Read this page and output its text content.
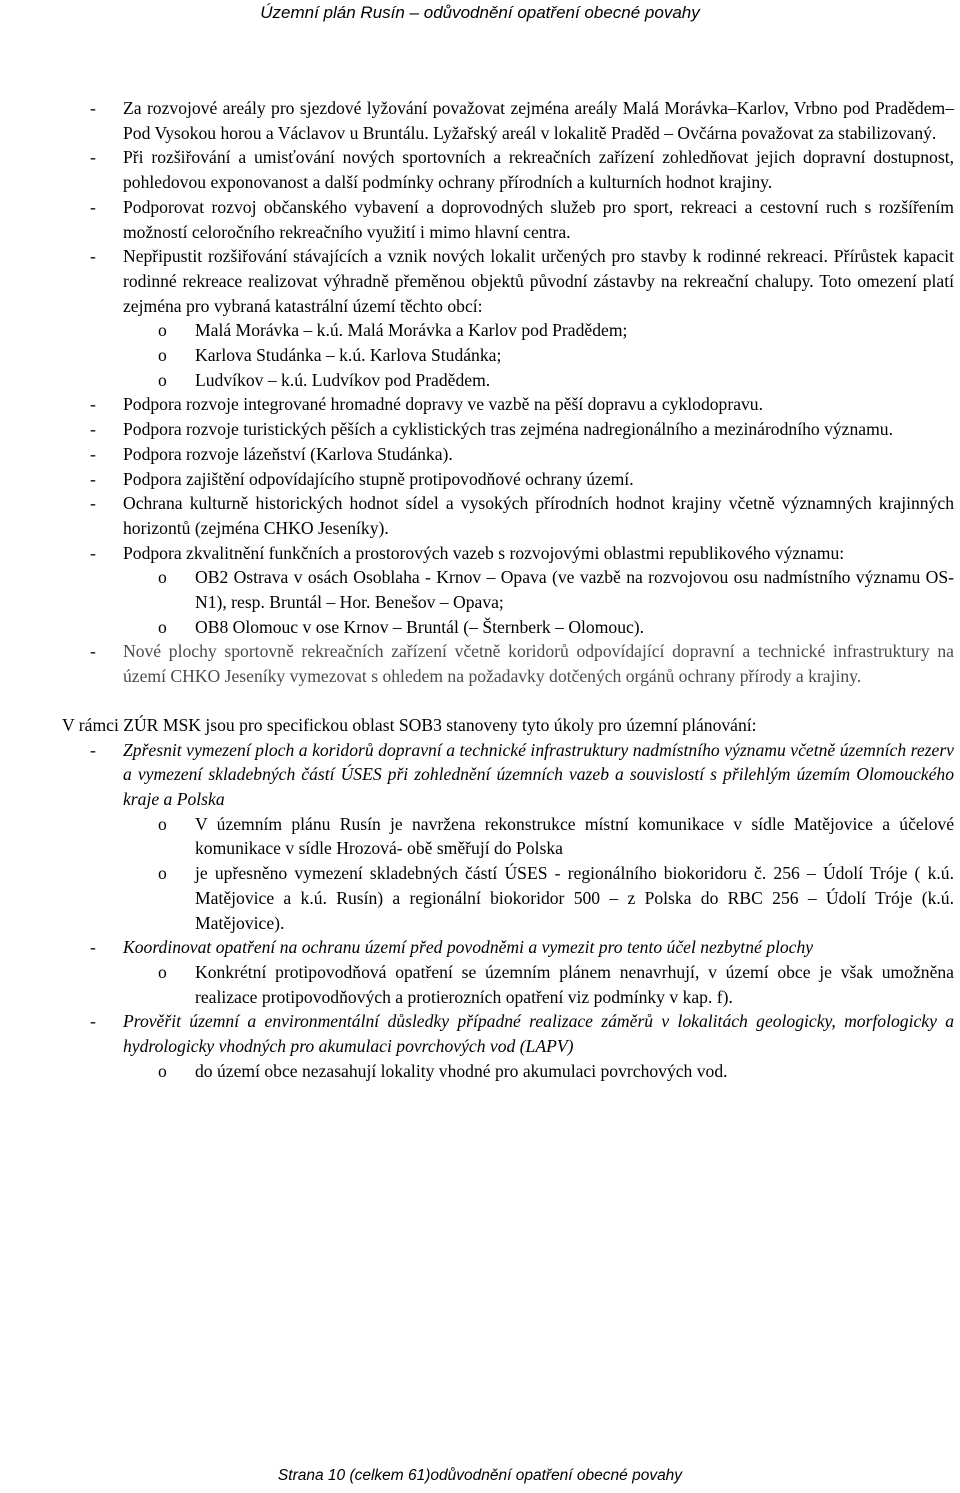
Územní plán Rusín – odůvodnění opatření obecné povahy
- Za rozvojové areály pro sjezdové lyžování považovat zejména areály Malá Morávka–Karlov, Vrbno pod Pradědem–Pod Vysokou horou a Václavov u Bruntálu. Lyžařský areál v lokalitě Praděd – Ovčárna považovat za stabilizovaný.
- Při rozšiřování a umisťování nových sportovních a rekreačních zařízení zohledňovat jejich dopravní dostupnost, pohledovou exponovanost a další podmínky ochrany přírodních a kulturních hodnot krajiny.
- Podporovat rozvoj občanského vybavení a doprovodných služeb pro sport, rekreaci a cestovní ruch s rozšířením možností celoročního rekreačního využití i mimo hlavní centra.
- Nepřipustit rozšiřování stávajících a vznik nových lokalit určených pro stavby k rodinné rekreaci. Přírůstek kapacit rodinné rekreace realizovat výhradně přeměnou objektů původní zástavby na rekreační chalupy. Toto omezení platí zejména pro vybraná katastrální území těchto obcí:
o Malá Morávka – k.ú. Malá Morávka a Karlov pod Pradědem;
o Karlova Studánka – k.ú. Karlova Studánka;
o Ludvíkov – k.ú. Ludvíkov pod Pradědem.
- Podpora rozvoje integrované hromadné dopravy ve vazbě na pěší dopravu a cyklodopravu.
- Podpora rozvoje turistických pěších a cyklistických tras zejména nadregionálního a mezinárodního významu.
- Podpora rozvoje lázeňství (Karlova Studánka).
- Podpora zajištění odpovídajícího stupně protipovodňové ochrany území.
- Ochrana kulturně historických hodnot sídel a vysokých přírodních hodnot krajiny včetně významných krajinných horizontů (zejména CHKO Jeseníky).
- Podpora zkvalitnění funkčních a prostorových vazeb s rozvojovými oblastmi republikového významu:
o OB2 Ostrava v osách Osoblaha - Krnov – Opava (ve vazbě na rozvojovou osu nadmístního významu OS-N1), resp. Bruntál – Hor. Benešov – Opava;
o OB8 Olomouc v ose Krnov – Bruntál (– Šternberk – Olomouc).
- Nové plochy sportovně rekreačních zařízení včetně koridorů odpovídající dopravní a technické infrastruktury na území CHKO Jeseníky vymezovat s ohledem na požadavky dotčených orgánů ochrany přírody a krajiny.

V rámci ZÚR MSK jsou pro specifickou oblast SOB3 stanoveny tyto úkoly pro územní plánování:

- Zpřesnit vymezení ploch a koridorů dopravní a technické infrastruktury nadmístního významu včetně územních rezerv a vymezení skladebných částí ÚSES při zohlednění územních vazeb a souvislostí s přilehlým územím Olomouckého kraje a Polska
o V územním plánu Rusín je navržena rekonstrukce místní komunikace v sídle Matějovice a účelové komunikace v sídle Hrozová- obě směřují do Polska
o je upřesněno vymezení skladebných částí ÚSES - regionálního biokoridoru č. 256 – Údolí Tróje ( k.ú. Matějovice a k.ú. Rusín) a regionální biokoridor 500 – z Polska do RBC 256 – Údolí Tróje (k.ú. Matějovice).
- Koordinovat opatření na ochranu území před povodněmi a vymezit pro tento účel nezbytné plochy
o Konkrétní protipovodňová opatření se územním plánem nenavrhují, v území obce je však umožněna realizace protipovodňových a protierozních opatření viz podmínky v kap. f).
- Prověřit územní a environmentální důsledky případné realizace záměrů v lokalitách geologicky, morfologicky a hydrologicky vhodných pro akumulaci povrchových vod (LAPV)
o do území obce nezasahují lokality vhodné pro akumulaci povrchových vod.
Strana 10 (celkem 61)odůvodnění opatření obecné povahy
